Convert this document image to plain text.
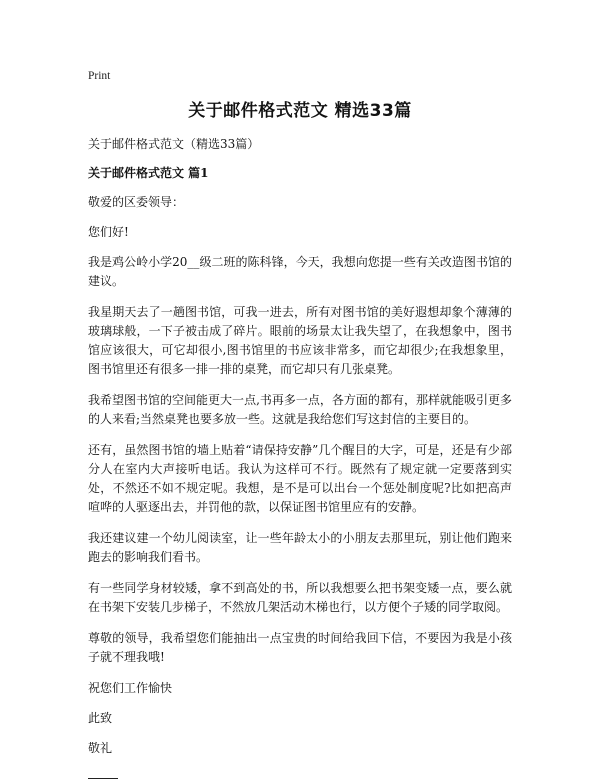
Print
关于邮件格式范文 精选33篇

关于邮件格式范文（精选33篇）

关于邮件格式范文 篇1

敬爱的区委领导：

您们好!

我是鸡公岭小学20__级二班的陈科锋，今天，我想向您提一些有关改造图书馆的建议。

我星期天去了一趟图书馆，可我一进去，所有对图书馆的美好遐想却象个薄薄的玻璃球般，一下子被击成了碎片。眼前的场景太让我失望了，在我想象中，图书馆应该很大，可它却很小,图书馆里的书应该非常多，而它却很少;在我想象里，图书馆里还有很多一排一排的桌凳，而它却只有几张桌凳。

我希望图书馆的空间能更大一点,书再多一点，各方面的都有，那样就能吸引更多的人来看;当然桌凳也要多放一些。这就是我给您们写这封信的主要目的。

还有，虽然图书馆的墙上贴着“请保持安静”几个醒目的大字，可是，还是有少部分人在室内大声接听电话。我认为这样可不行。既然有了规定就一定要落到实处，不然还不如不规定呢。我想，是不是可以出台一个惩处制度呢?比如把高声喧哗的人驱逐出去，并罚他的款，以保证图书馆里应有的安静。

我还建议建一个幼儿阅读室，让一些年龄太小的小朋友去那里玩，别让他们跑来跑去的影响我们看书。

有一些同学身材较矮，拿不到高处的书，所以我想要么把书架变矮一点，要么就在书架下安装几步梯子，不然放几架活动木梯也行，以方便个子矮的同学取阅。

尊敬的领导，我希望您们能抽出一点宝贵的时间给我回下信，不要因为我是小孩子就不理我哦!

祝您们工作愉快

此致

敬礼
